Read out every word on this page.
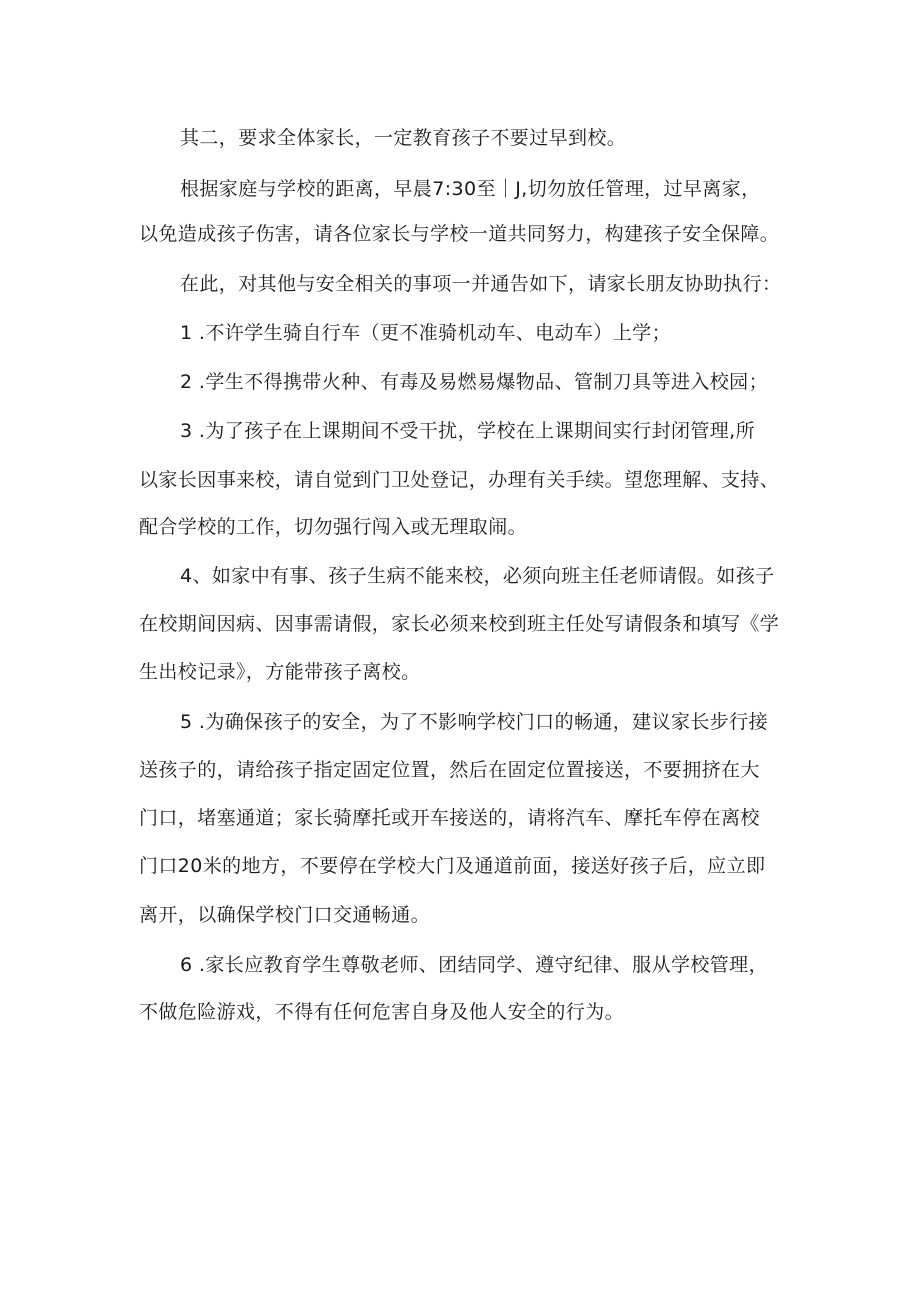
其二，要求全体家长，一定教育孩子不要过早到校。
根据家庭与学校的距离，早晨7:30至｜J,切勿放任管理，过早离家，
以免造成孩子伤害，请各位家长与学校一道共同努力，构建孩子安全保障。
在此，对其他与安全相关的事项一并通告如下，请家长朋友协助执行：
1 .不许学生骑自行车（更不准骑机动车、电动车）上学；
2 .学生不得携带火种、有毒及易燃易爆物品、管制刀具等进入校园；
3 .为了孩子在上课期间不受干扰，学校在上课期间实行封闭管理,所
以家长因事来校，请自觉到门卫处登记，办理有关手续。望您理解、支持、
配合学校的工作，切勿强行闯入或无理取闹。
4、如家中有事、孩子生病不能来校，必须向班主任老师请假。如孩子
在校期间因病、因事需请假，家长必须来校到班主任处写请假条和填写《学
生出校记录》，方能带孩子离校。
5 .为确保孩子的安全，为了不影响学校门口的畅通，建议家长步行接
送孩子的，请给孩子指定固定位置，然后在固定位置接送，不要拥挤在大
门口，堵塞通道；家长骑摩托或开车接送的，请将汽车、摩托车停在离校
门口20米的地方，不要停在学校大门及通道前面，接送好孩子后，应立即
离开，以确保学校门口交通畅通。
6 .家长应教育学生尊敬老师、团结同学、遵守纪律、服从学校管理，
不做危险游戏，不得有任何危害自身及他人安全的行为。
